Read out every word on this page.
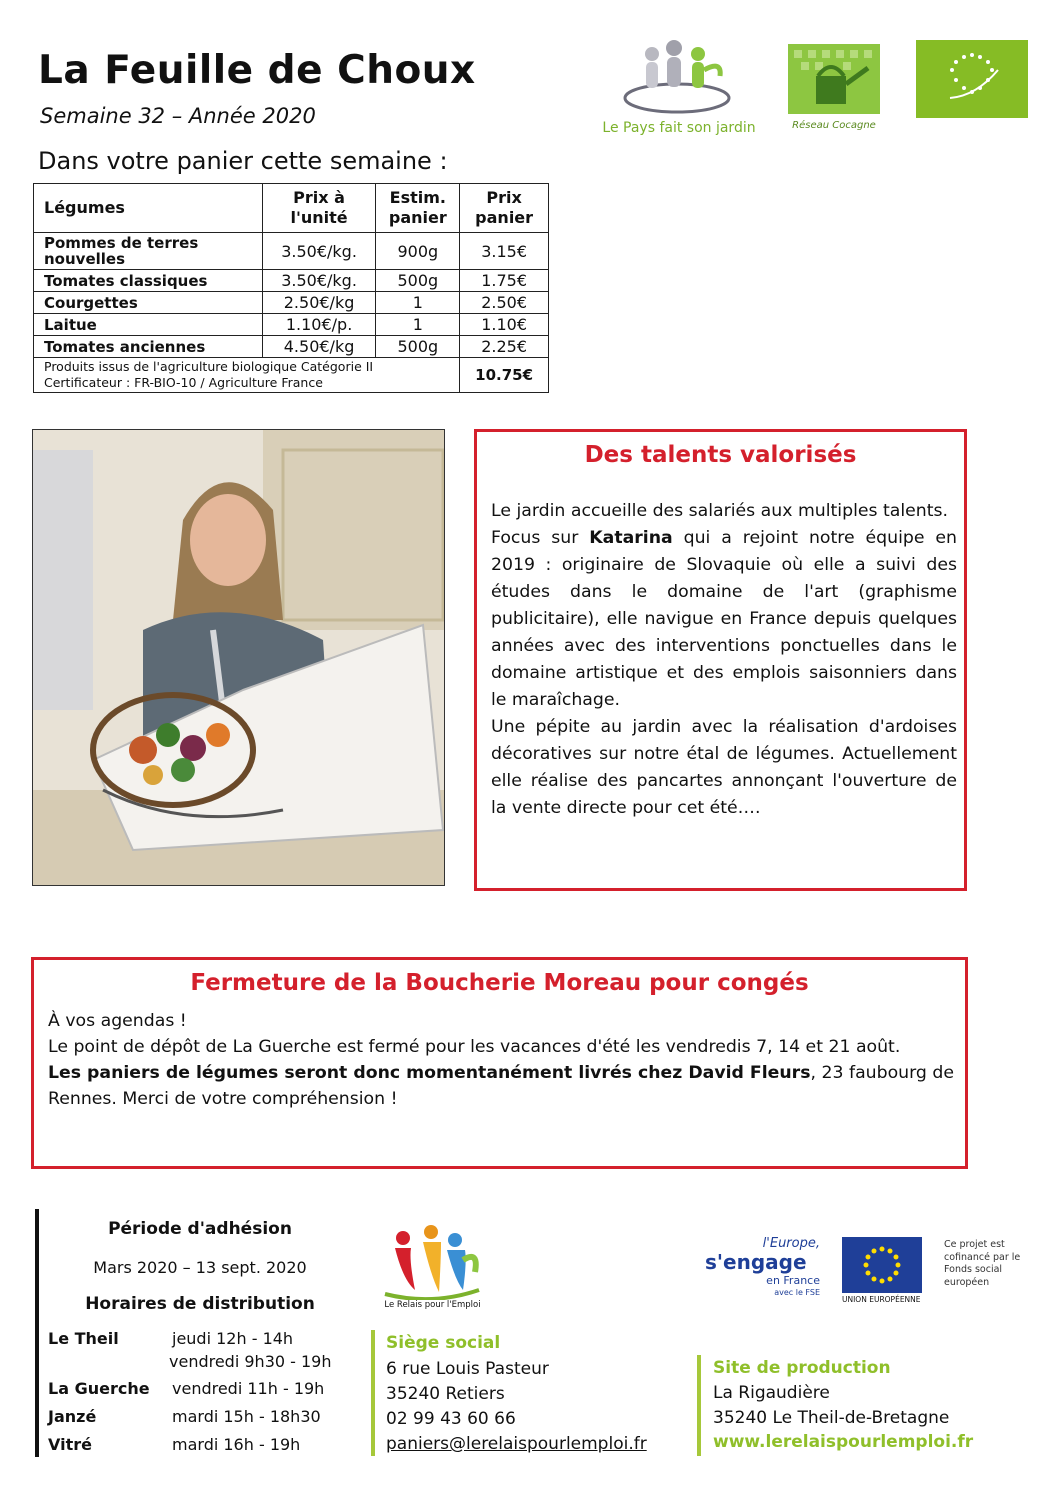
La Feuille de Choux
Semaine 32 – Année 2020
Dans votre panier cette semaine :
Le Pays fait son jardin	Réseau Cocagne
Légumes	Prix à l'unité	Estim. panier	Prix panier
Pommes de terres nouvelles	3.50€/kg.	900g	3.15€
Tomates classiques	3.50€/kg.	500g	1.75€
Courgettes	2.50€/kg	1	2.50€
Laitue	1.10€/p.	1	1.10€
Tomates anciennes	4.50€/kg	500g	2.25€

Produits issus de l'agriculture biologique Catégorie II
Certificateur : FR-BIO-10 / Agriculture France			10.75€
Des talents valorisés

Le jardin accueille des salariés aux multiples talents.

Focus sur Katarina qui a rejoint notre équipe en 2019 : originaire de Slovaquie où elle a suivi des études dans le domaine de l'art (graphisme publicitaire), elle navigue en France depuis quelques années avec des interventions ponctuelles dans le domaine artistique et des emplois saisonniers dans le maraîchage.

Une pépite au jardin avec la réalisation d'ardoises décoratives sur notre étal de légumes. Actuellement elle réalise des pancartes annonçant l'ouverture de la vente directe pour cet été….

Fermeture de la Boucherie Moreau pour congés

À vos agendas !

Le point de dépôt de La Guerche est fermé pour les vacances d'été les vendredis 7, 14 et 21 août.

Les paniers de légumes seront donc momentanément livrés chez David Fleurs, 23 faubourg de Rennes. Merci de votre compréhension !

Période d'adhésion
Mars 2020 – 13 sept. 2020
Horaires de distribution
Le Theil	jeudi 12h - 14h
vendredi 9h30 - 19h
La Guerche vendredi 11h - 19h
Janzé	mardi 15h - 18h30
Vitré	mardi 16h - 19h
Le Relais pour l'Emploi
Siège social
6 rue Louis Pasteur
35240 Retiers
02 99 43 60 66
paniers@lerelaispourlemploi.fr
Site de production
La Rigaudière
35240 Le Theil-de-Bretagne
www.lerelaispourlemploi.fr
l'Europe,
s'engage
en France
avec le FSE
UNION EUROPÉENNE
Ce projet est cofinancé par le Fonds social européen
